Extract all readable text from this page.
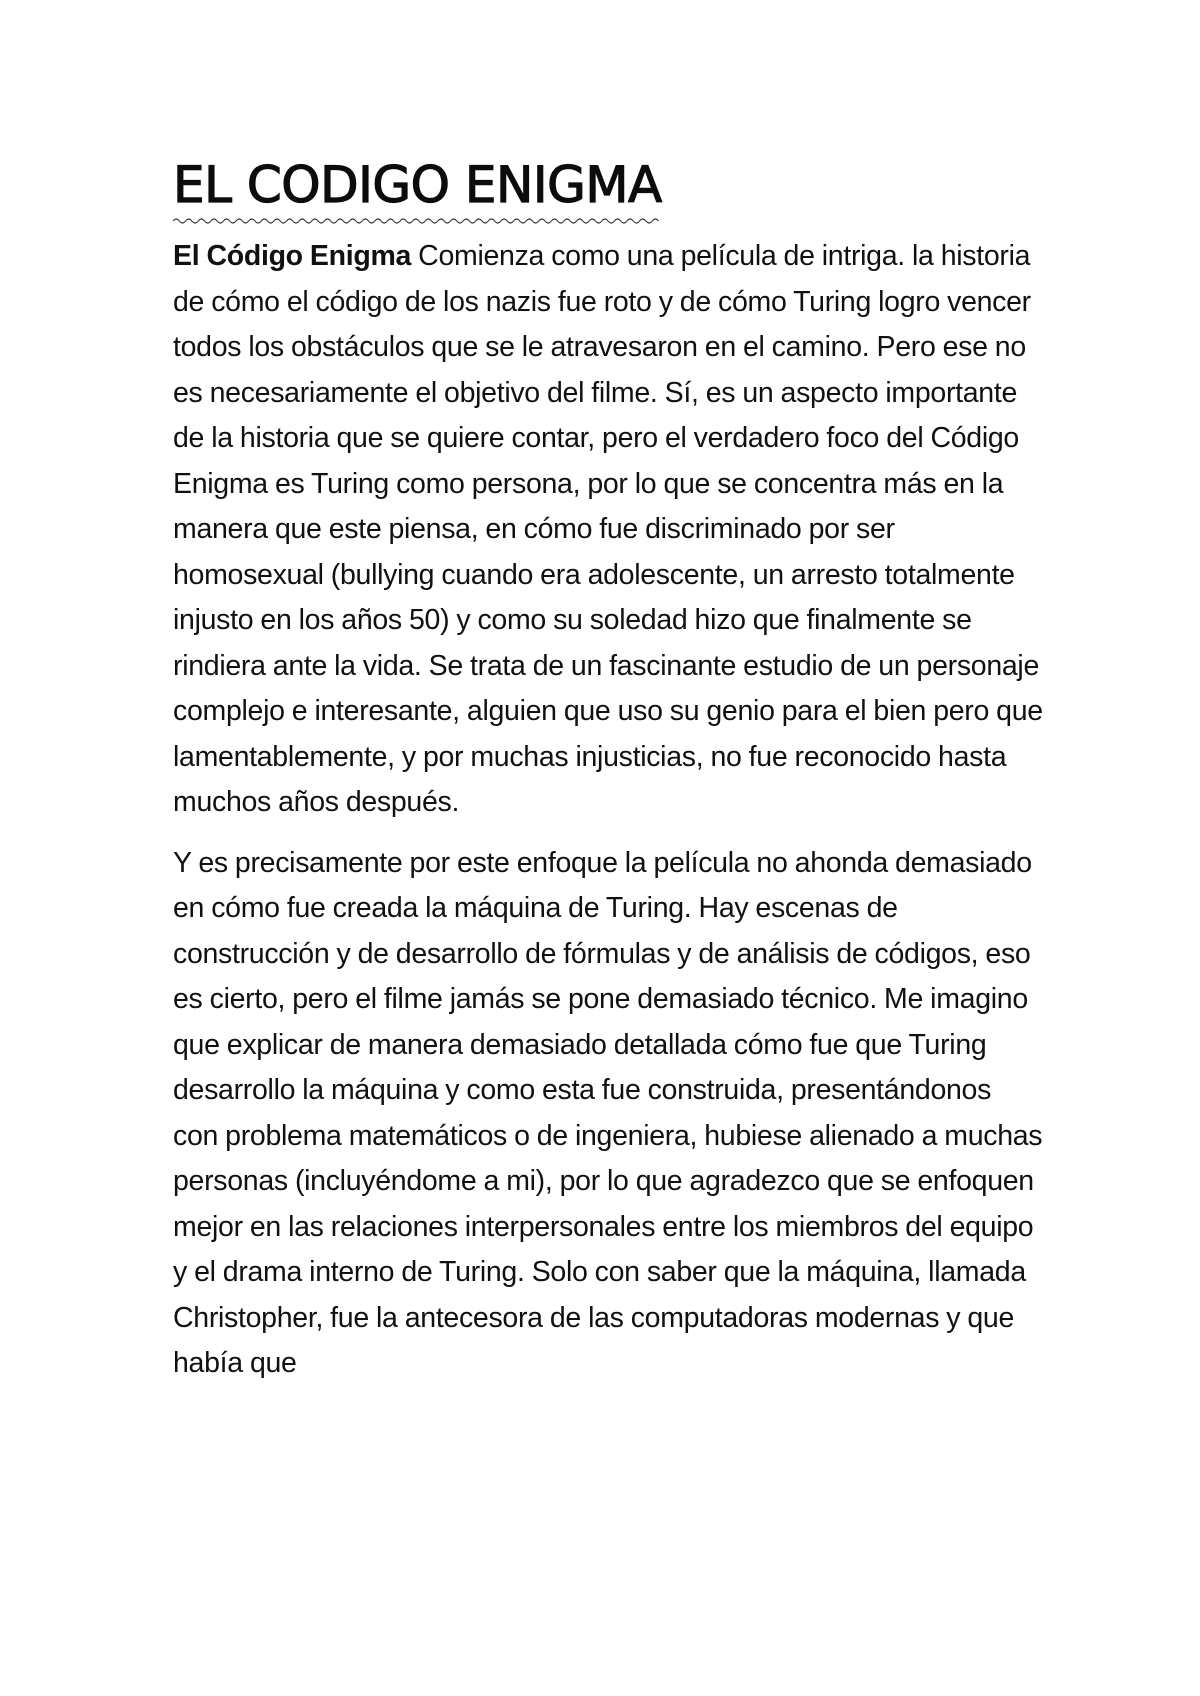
EL CODIGO ENIGMA

El Código Enigma Comienza como una película de intriga. la historia de cómo el código de los nazis fue roto y de cómo Turing logro vencer todos los obstáculos que se le atravesaron en el camino. Pero ese no es necesariamente el objetivo del filme. Sí, es un aspecto importante de la historia que se quiere contar, pero el verdadero foco del Código Enigma es Turing como persona, por lo que se concentra más en la manera que este piensa, en cómo fue discriminado por ser homosexual (bullying cuando era adolescente, un arresto totalmente injusto en los años 50) y como su soledad hizo que finalmente se rindiera ante la vida. Se trata de un fascinante estudio de un personaje complejo e interesante, alguien que uso su genio para el bien pero que lamentablemente, y por muchas injusticias, no fue reconocido hasta muchos años después.

Y es precisamente por este enfoque la película no ahonda demasiado en cómo fue creada la máquina de Turing. Hay escenas de construcción y de desarrollo de fórmulas y de análisis de códigos, eso es cierto, pero el filme jamás se pone demasiado técnico. Me imagino que explicar de manera demasiado detallada cómo fue que Turing desarrollo la máquina y como esta fue construida, presentándonos con problema matemáticos o de ingeniera, hubiese alienado a muchas personas (incluyéndome a mi), por lo que agradezco que se enfoquen mejor en las relaciones interpersonales entre los miembros del equipo y el drama interno de Turing. Solo con saber que la máquina, llamada Christopher, fue la antecesora de las computadoras modernas y que había que
